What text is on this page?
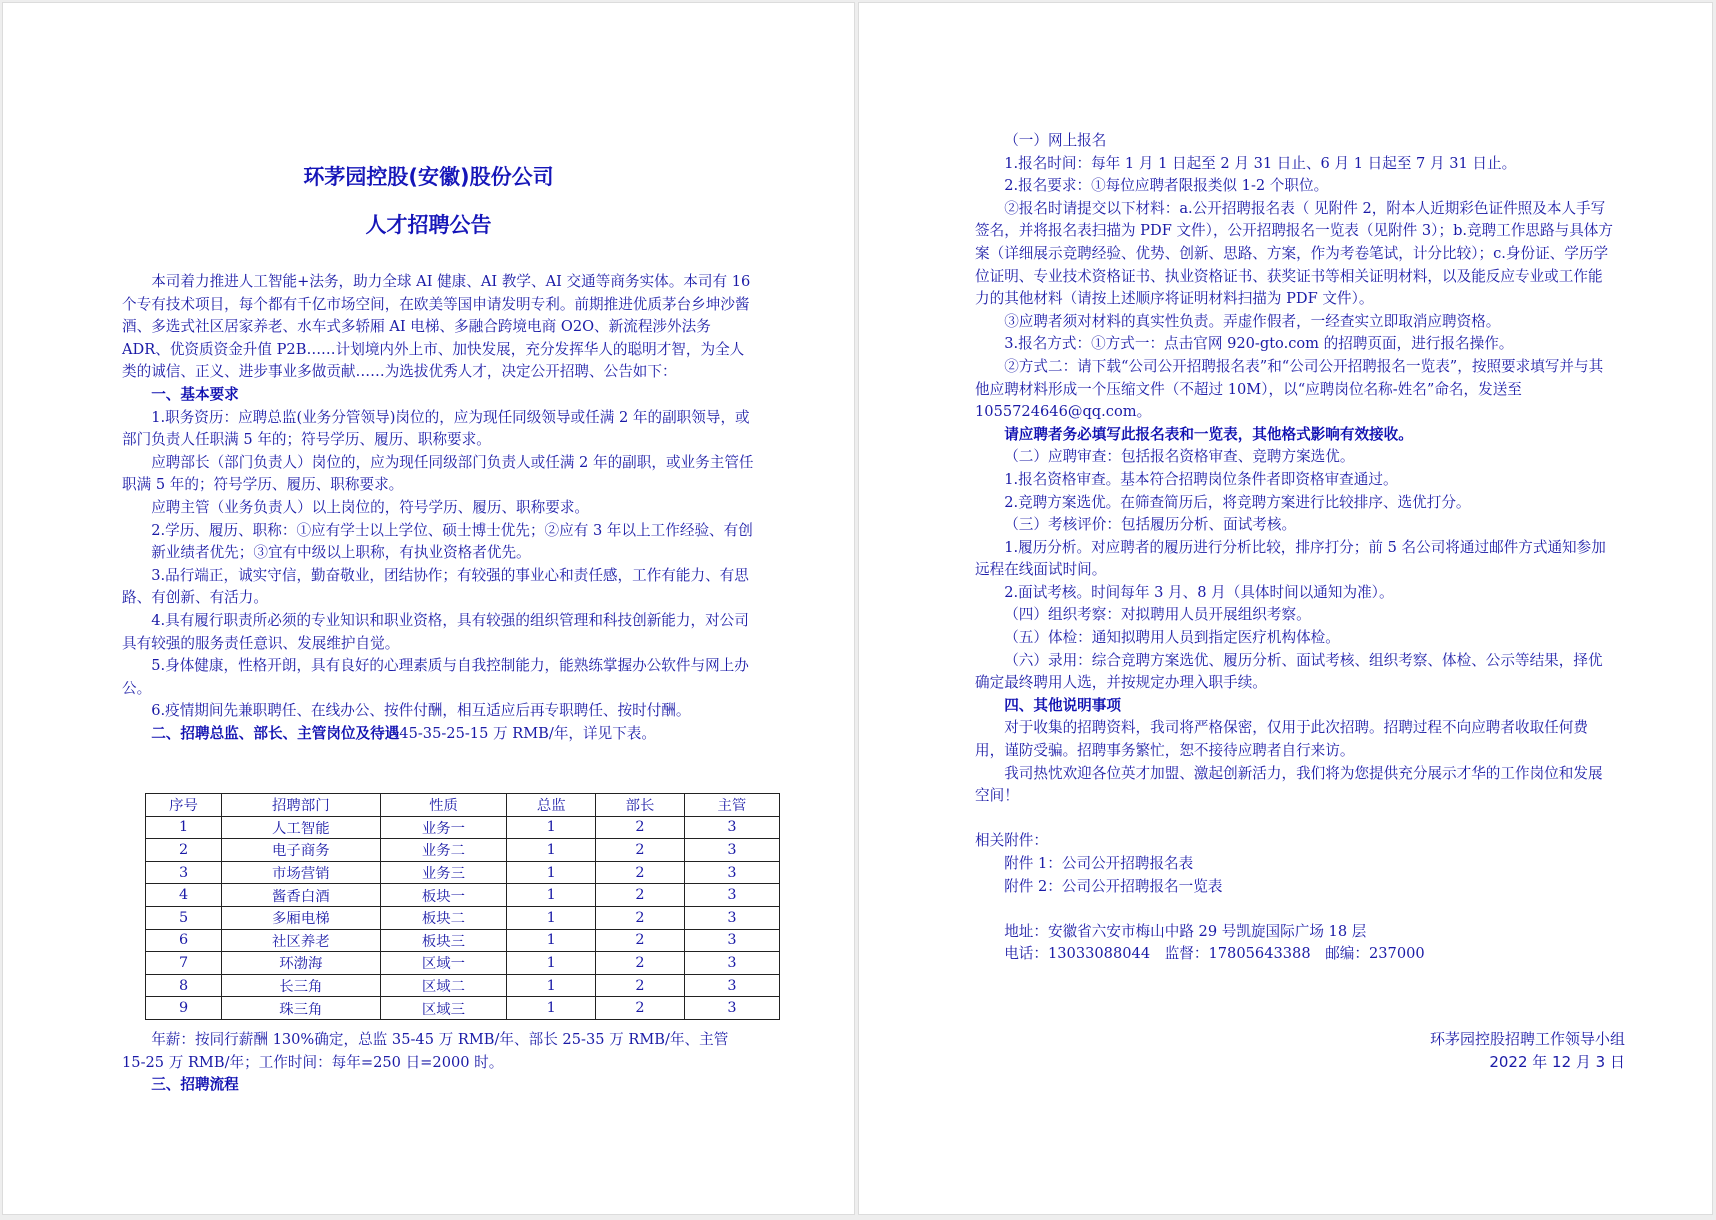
环茅园控股(安徽)股份公司
人才招聘公告

本司着力推进人工智能+法务，助力全球 AI 健康、AI 教学、AI 交通等商务实体。本司有 16 个专有技术项目，每个都有千亿市场空间，在欧美等国申请发明专利。前期推进优质茅台乡坤沙酱酒、多选式社区居家养老、水车式多轿厢 AI 电梯、多融合跨境电商 O2O、新流程涉外法务 ADR、优资质资金升值 P2B……计划境内外上市、加快发展，充分发挥华人的聪明才智，为全人类的诚信、正义、进步事业多做贡献……为选拔优秀人才，决定公开招聘、公告如下：

一、基本要求

1.职务资历：应聘总监(业务分管领导)岗位的，应为现任同级领导或任满 2 年的副职领导，或部门负责人任职满 5 年的；符号学历、履历、职称要求。

应聘部长（部门负责人）岗位的，应为现任同级部门负责人或任满 2 年的副职，或业务主管任职满 5 年的；符号学历、履历、职称要求。

应聘主管（业务负责人）以上岗位的，符号学历、履历、职称要求。

2.学历、履历、职称：①应有学士以上学位、硕士博士优先；②应有 3 年以上工作经验、有创新业绩者优先；③宜有中级以上职称，有执业资格者优先。

3.品行端正，诚实守信，勤奋敬业，团结协作；有较强的事业心和责任感，工作有能力、有思路、有创新、有活力。

4.具有履行职责所必须的专业知识和职业资格，具有较强的组织管理和科技创新能力，对公司具有较强的服务责任意识、发展维护自觉。

5.身体健康，性格开朗，具有良好的心理素质与自我控制能力，能熟练掌握办公软件与网上办公。

6.疫情期间先兼职聘任、在线办公、按件付酬，相互适应后再专职聘任、按时付酬。

二、招聘总监、部长、主管岗位及待遇45-35-25-15 万 RMB/年，详见下表。

序号	招聘部门	性质	总监	部长	主管
1	人工智能	业务一	1	2	3
2	电子商务	业务二	1	2	3
3	市场营销	业务三	1	2	3
4	酱香白酒	板块一	1	2	3
5	多厢电梯	板块二	1	2	3
6	社区养老	板块三	1	2	3
7	环渤海	区域一	1	2	3
8	长三角	区域二	1	2	3
9	珠三角	区域三	1	2	3

年薪：按同行薪酬 130%确定，总监 35-45 万 RMB/年、部长 25-35 万 RMB/年、主管 15-25 万 RMB/年；工作时间：每年=250 日=2000 时。

三、招聘流程

（一）网上报名

1.报名时间：每年 1 月 1 日起至 2 月 31 日止、6 月 1 日起至 7 月 31 日止。

2.报名要求：①每位应聘者限报类似 1-2 个职位。

②报名时请提交以下材料：a.公开招聘报名表（ 见附件 2，附本人近期彩色证件照及本人手写签名，并将报名表扫描为 PDF 文件），公开招聘报名一览表（见附件 3）；b.竞聘工作思路与具体方案（详细展示竞聘经验、优势、创新、思路、方案，作为考卷笔试，计分比较）；c.身份证、学历学位证明、专业技术资格证书、执业资格证书、获奖证书等相关证明材料，以及能反应专业或工作能力的其他材料（请按上述顺序将证明材料扫描为 PDF 文件）。

③应聘者须对材料的真实性负责。弄虚作假者，一经查实立即取消应聘资格。

3.报名方式：①方式一：点击官网 920-gto.com 的招聘页面，进行报名操作。

②方式二：请下载“公司公开招聘报名表”和“公司公开招聘报名一览表”，按照要求填写并与其他应聘材料形成一个压缩文件（不超过 10M），以“应聘岗位名称-姓名”命名，发送至 1055724646@qq.com。

请应聘者务必填写此报名表和一览表，其他格式影响有效接收。

（二）应聘审查：包括报名资格审查、竞聘方案选优。

1.报名资格审查。基本符合招聘岗位条件者即资格审查通过。

2.竞聘方案选优。在筛查简历后，将竞聘方案进行比较排序、选优打分。

（三）考核评价：包括履历分析、面试考核。

1.履历分析。对应聘者的履历进行分析比较，排序打分；前 5 名公司将通过邮件方式通知参加远程在线面试时间。

2.面试考核。时间每年 3 月、8 月（具体时间以通知为准）。

（四）组织考察：对拟聘用人员开展组织考察。

（五）体检：通知拟聘用人员到指定医疗机构体检。

（六）录用：综合竞聘方案选优、履历分析、面试考核、组织考察、体检、公示等结果，择优确定最终聘用人选，并按规定办理入职手续。

四、其他说明事项

对于收集的招聘资料，我司将严格保密，仅用于此次招聘。招聘过程不向应聘者收取任何费用，谨防受骗。招聘事务繁忙，恕不接待应聘者自行来访。

我司热忱欢迎各位英才加盟、激起创新活力，我们将为您提供充分展示才华的工作岗位和发展空间！

相关附件：

附件 1：公司公开招聘报名表

附件 2：公司公开招聘报名一览表

地址：安徽省六安市梅山中路 29 号凯旋国际广场 18 层

电话：13033088044　监督：17805643388　邮编：237000

环茅园控股招聘工作领导小组
2022 年 12 月 3 日
